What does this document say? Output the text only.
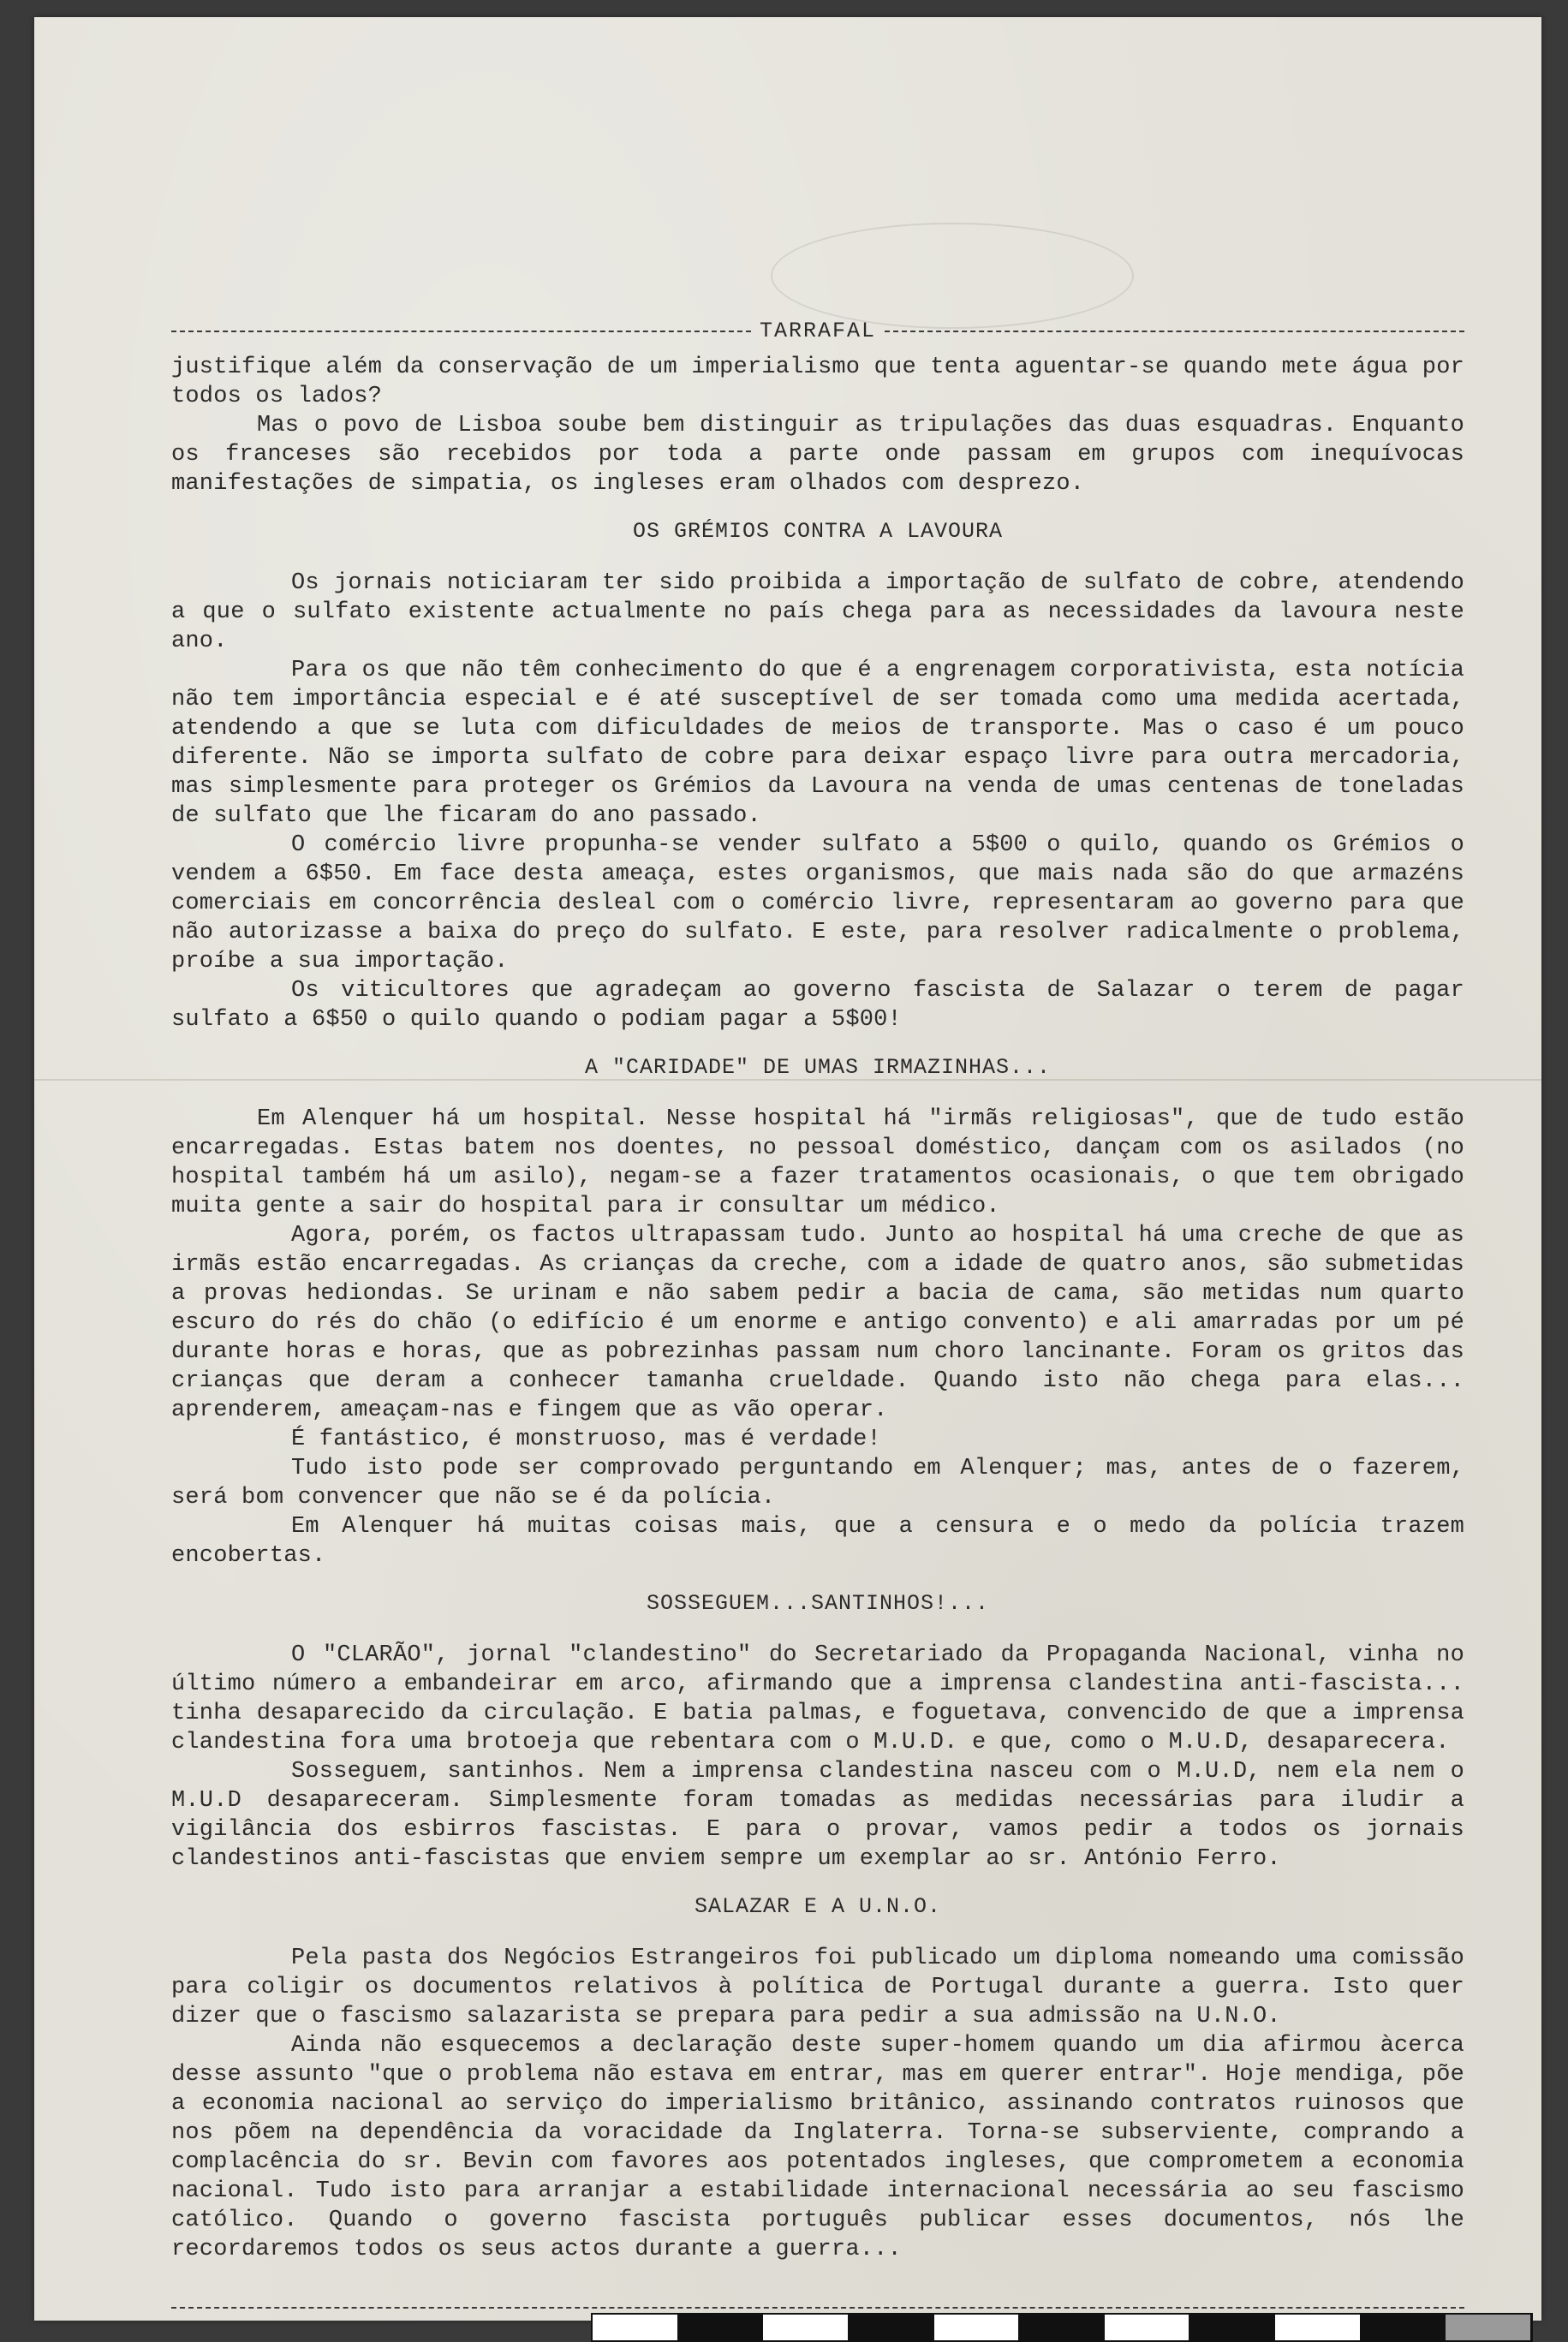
TARRAFAL

justifique além da conservação de um imperialismo que tenta aguentar-se quando mete água por todos os lados?

Mas o povo de Lisboa soube bem distinguir as tripulações das duas esquadras. Enquanto os franceses são recebidos por toda a parte onde passam em grupos com inequívocas manifestações de simpatia, os ingleses eram olhados com desprezo.

OS GRÉMIOS CONTRA A LAVOURA

Os jornais noticiaram ter sido proibida a importação de sulfato de cobre, atendendo a que o sulfato existente actualmente no país chega para as necessidades da lavoura neste ano.

Para os que não têm conhecimento do que é a engrenagem corporativista, esta notícia não tem importância especial e é até susceptível de ser tomada como uma medida acertada, atendendo a que se luta com dificuldades de meios de transporte. Mas o caso é um pouco diferente. Não se importa sulfato de cobre para deixar espaço livre para outra mercadoria, mas simplesmente para proteger os Grémios da Lavoura na venda de umas centenas de toneladas de sulfato que lhe ficaram do ano passado.

O comércio livre propunha-se vender sulfato a 5$00 o quilo, quando os Grémios o vendem a 6$50. Em face desta ameaça, estes organismos, que mais nada são do que armazéns comerciais em concorrência desleal com o comércio livre, representaram ao governo para que não autorizasse a baixa do preço do sulfato. E este, para resolver radicalmente o problema, proíbe a sua importação.

Os viticultores que agradeçam ao governo fascista de Salazar o terem de pagar sulfato a 6$50 o quilo quando o podiam pagar a 5$00!

A "CARIDADE" DE UMAS IRMAZINHAS...

Em Alenquer há um hospital. Nesse hospital há "irmãs religiosas", que de tudo estão encarregadas. Estas batem nos doentes, no pessoal doméstico, dançam com os asilados (no hospital também há um asilo), negam-se a fazer tratamentos ocasionais, o que tem obrigado muita gente a sair do hospital para ir consultar um médico.

Agora, porém, os factos ultrapassam tudo. Junto ao hospital há uma creche de que as irmãs estão encarregadas. As crianças da creche, com a idade de quatro anos, são submetidas a provas hediondas. Se urinam e não sabem pedir a bacia de cama, são metidas num quarto escuro do rés do chão (o edifício é um enorme e antigo convento) e ali amarradas por um pé durante horas e horas, que as pobrezinhas passam num choro lancinante. Foram os gritos das crianças que deram a conhecer tamanha crueldade. Quando isto não chega para elas... aprenderem, ameaçam-nas e fingem que as vão operar.

É fantástico, é monstruoso, mas é verdade!

Tudo isto pode ser comprovado perguntando em Alenquer; mas, antes de o fazerem, será bom convencer que não se é da polícia.

Em Alenquer há muitas coisas mais, que a censura e o medo da polícia trazem encobertas.

SOSSEGUEM...SANTINHOS!...

O "CLARÃO", jornal "clandestino" do Secretariado da Propaganda Nacional, vinha no último número a embandeirar em arco, afirmando que a imprensa clandestina anti-fascista... tinha desaparecido da circulação. E batia palmas, e foguetava, convencido de que a imprensa clandestina fora uma brotoeja que rebentara com o M.U.D. e que, como o M.U.D, desaparecera.

Sosseguem, santinhos. Nem a imprensa clandestina nasceu com o M.U.D, nem ela nem o M.U.D desapareceram. Simplesmente foram tomadas as medidas necessárias para iludir a vigilância dos esbirros fascistas. E para o provar, vamos pedir a todos os jornais clandestinos anti-fascistas que enviem sempre um exemplar ao sr. António Ferro.

SALAZAR E A U.N.O.

Pela pasta dos Negócios Estrangeiros foi publicado um diploma nomeando uma comissão para coligir os documentos relativos à política de Portugal durante a guerra. Isto quer dizer que o fascismo salazarista se prepara para pedir a sua admissão na U.N.O.

Ainda não esquecemos a declaração deste super-homem quando um dia afirmou àcerca desse assunto "que o problema não estava em entrar, mas em querer entrar". Hoje mendiga, põe a economia nacional ao serviço do imperialismo britânico, assinando contratos ruinosos que nos põem na dependência da voracidade da Inglaterra. Torna-se subserviente, comprando a complacência do sr. Bevin com favores aos potentados ingleses, que comprometem a economia nacional. Tudo isto para arranjar a estabilidade internacional necessária ao seu fascismo católico. Quando o governo fascista português publicar esses documentos, nós lhe recordaremos todos os seus actos durante a guerra...
